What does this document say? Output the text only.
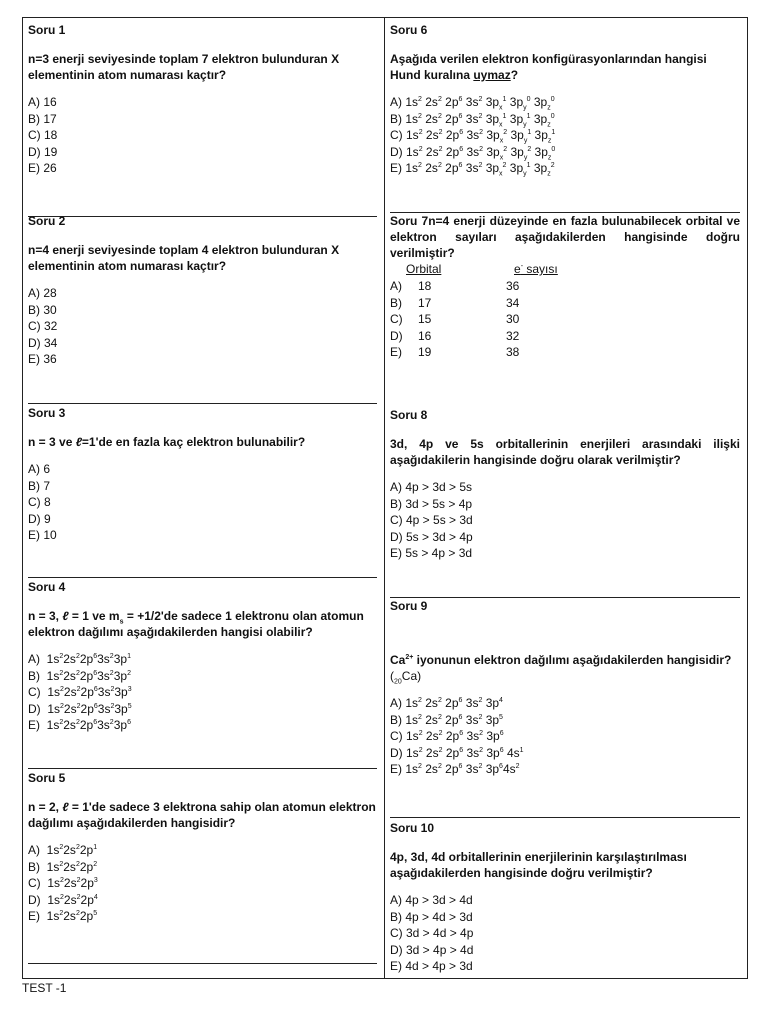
Soru 1
n=3 enerji seviyesinde toplam 7 elektron bulunduran X elementinin atom numarası kaçtır?
A) 16
B) 17
C) 18
D) 19
E) 26
Soru 2
n=4 enerji seviyesinde toplam 4 elektron bulunduran X elementinin atom numarası kaçtır?
A) 28
B) 30
C) 32
D) 34
E) 36
Soru 3
n = 3 ve ℓ=1'de en fazla kaç elektron bulunabilir?
A) 6
B) 7
C) 8
D) 9
E) 10
Soru 4
n = 3, ℓ = 1 ve $m_s = +1/2'de$ sadece 1 elektronu olan atomun elektron dağılımı aşağıdakilerden hangisi olabilir?
A)  $1s^22s^22p^63s^23p^1$
B)  $1s^22s^22p^63s^23p^2$
C)  $1s^22s^22p^63s^23p^3$
D)  $1s^22s^22p^63s^23p^5$
E)  $1s^22s^22p^63s^23p^6$
Soru 5
n = 2, ℓ = 1'de sadece 3 elektrona sahip olan atomun elektron dağılımı aşağıdakilerden hangisidir?
A)  $1s^22s^22p^1$
B)  $1s^22s^22p^2$
C)  $1s^22s^22p^3$
D)  $1s^22s^22p^4$
E)  $1s^22s^22p^5$
Soru 6
Aşağıda verilen elektron konfigürasyonlarından hangisi Hund kuralına uymaz?
A) $1s^2$ $2s^2$ $2p^6$ $3s^2$ $3p_x^1$ $3p_y^0$ $3p_z^0$
B) $1s^2$ $2s^2$ $2p^6$ $3s^2$ $3p_x^1$ $3p_y^1$ $3p_z^0$
C) $1s^2$ $2s^2$ $2p^6$ $3s^2$ $3p_x^2$ $3p_y^1$ $3p_z^1$
D) $1s^2$ $2s^2$ $2p^6$ $3s^2$ $3p_x^2$ $3p_y^2$ $3p_z^0$
E) $1s^2$ $2s^2$ $2p^6$ $3s^2$ $3p_x^2$ $3p_y^1$ $3p_z^2$
Soru 7n=4 enerji düzeyinde en fazla bulunabilecek orbital ve elektron sayıları aşağıdakilerden hangisinde doğru verilmiştir?
Orbital	e- sayısı
A)	18	36
B)	17	34
C)	15	30
D)	16	32
E)	19	38
Soru 8
3d, 4p ve 5s orbitallerinin enerjileri arasındaki ilişki aşağıdakilerin hangisinde doğru olarak verilmiştir?
A) 4p > 3d > 5s
B) 3d > 5s > 4p
C) 4p > 5s > 3d
D) 5s > 3d > 4p
E) 5s > 4p > 3d
Soru 9
$Ca^{2+}$ iyonunun elektron dağılımı aşağıdakilerden hangisidir? $(_{20}Ca)$
A) $1s^2$ $2s^2$ $2p^6$ $3s^2$ $3p^4$
B) $1s^2$ $2s^2$ $2p^6$ $3s^2$ $3p^5$
C) $1s^2$ $2s^2$ $2p^6$ $3s^2$ $3p^6$
D) $1s^2$ $2s^2$ $2p^6$ $3s^2$ $3p^6$ $4s^1$
E) $1s^2$ $2s^2$ $2p^6$ $3s^2$ $3p^64s^2$
Soru 10
4p, 3d, 4d orbitallerinin enerjilerinin karşılaştırılması aşağıdakilerden hangisinde doğru verilmiştir?
A) 4p > 3d > 4d
B) 4p > 4d > 3d
C) 3d > 4d > 4p
D) 3d > 4p > 4d
E) 4d > 4p > 3d
TEST -1
